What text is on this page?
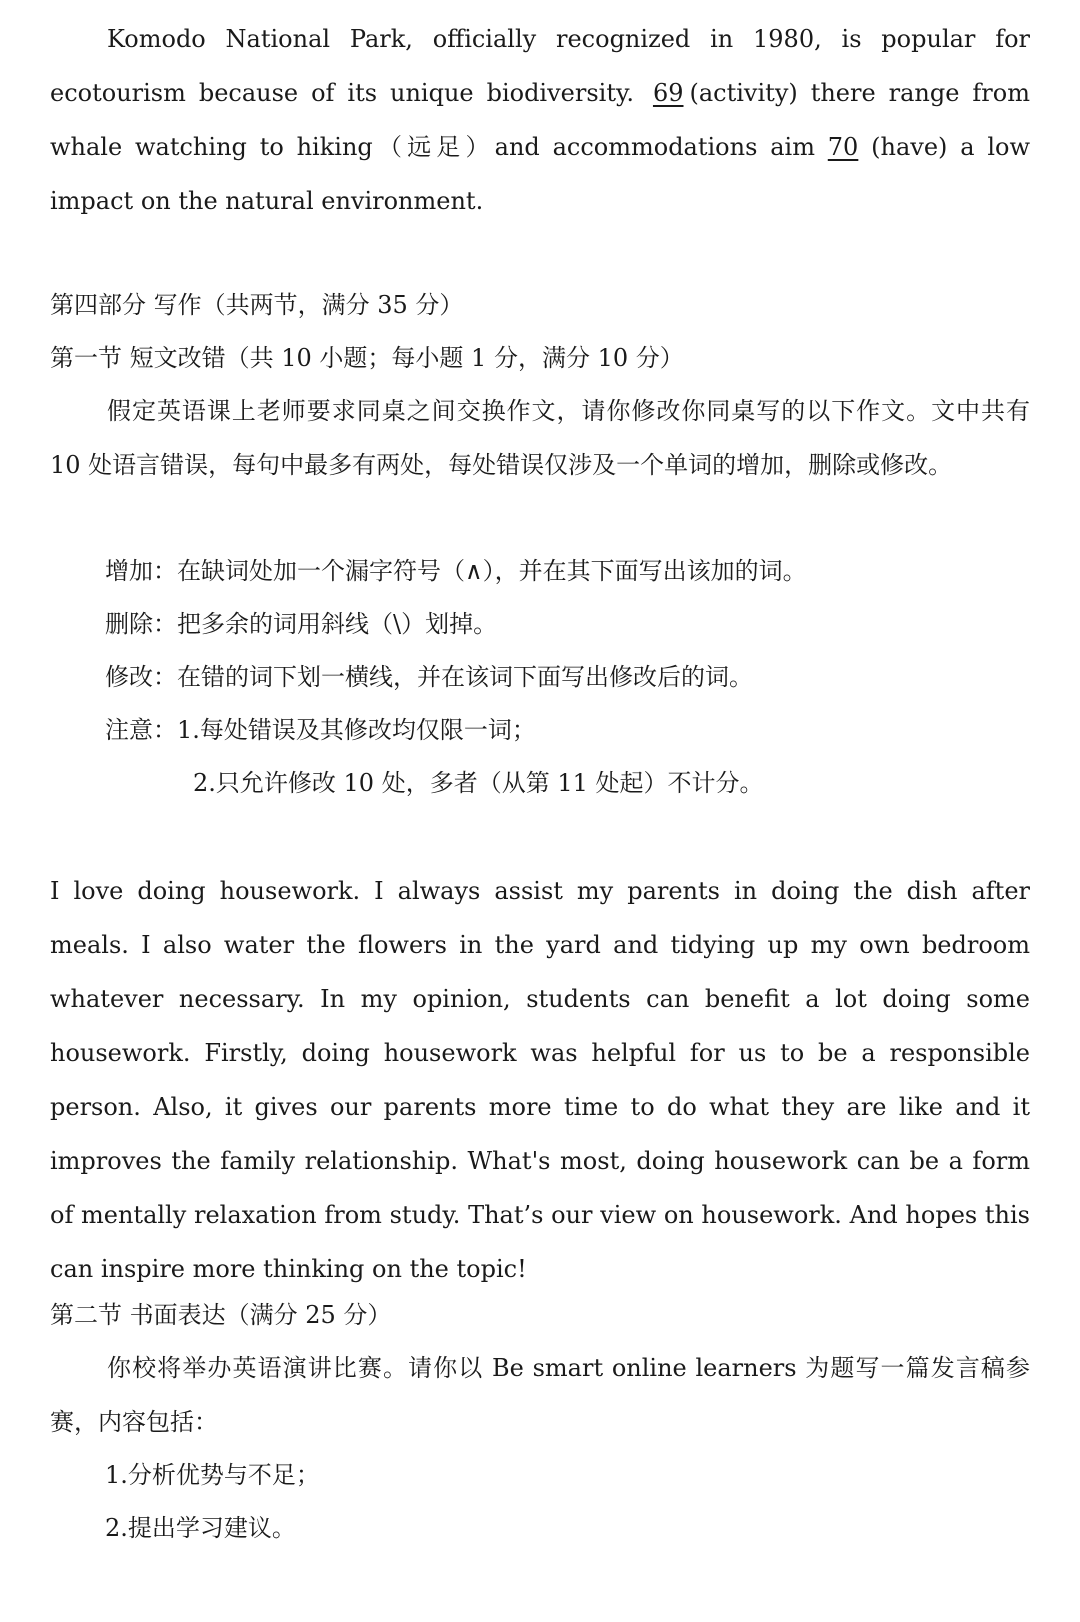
Komodo National Park, officially recognized in 1980, is popular for ecotourism because of its unique biodiversity. 69 (activity) there range from whale watching to hiking（远足）and accommodations aim 70 (have) a low impact on the natural environment.

第四部分 写作（共两节，满分 35 分）
第一节 短文改错（共 10 小题；每小题 1 分，满分 10 分）

假定英语课上老师要求同桌之间交换作文，请你修改你同桌写的以下作文。文中共有 10 处语言错误，每句中最多有两处，每处错误仅涉及一个单词的增加，删除或修改。

增加：在缺词处加一个漏字符号（∧），并在其下面写出该加的词。
删除：把多余的词用斜线（\）划掉。
修改：在错的词下划一横线，并在该词下面写出修改后的词。
注意：1.每处错误及其修改均仅限一词；
2.只允许修改 10 处，多者（从第 11 处起）不计分。

I love doing housework. I always assist my parents in doing the dish after meals. I also water the flowers in the yard and tidying up my own bedroom whatever necessary. In my opinion, students can benefit a lot doing some housework. Firstly, doing housework was helpful for us to be a responsible person. Also, it gives our parents more time to do what they are like and it improves the family relationship. What's most, doing housework can be a form of mentally relaxation from study. That’s our view on housework. And hopes this can inspire more thinking on the topic!

第二节 书面表达（满分 25 分）

你校将举办英语演讲比赛。请你以 Be smart online learners 为题写一篇发言稿参赛，内容包括：

1.分析优势与不足；
2.提出学习建议。
